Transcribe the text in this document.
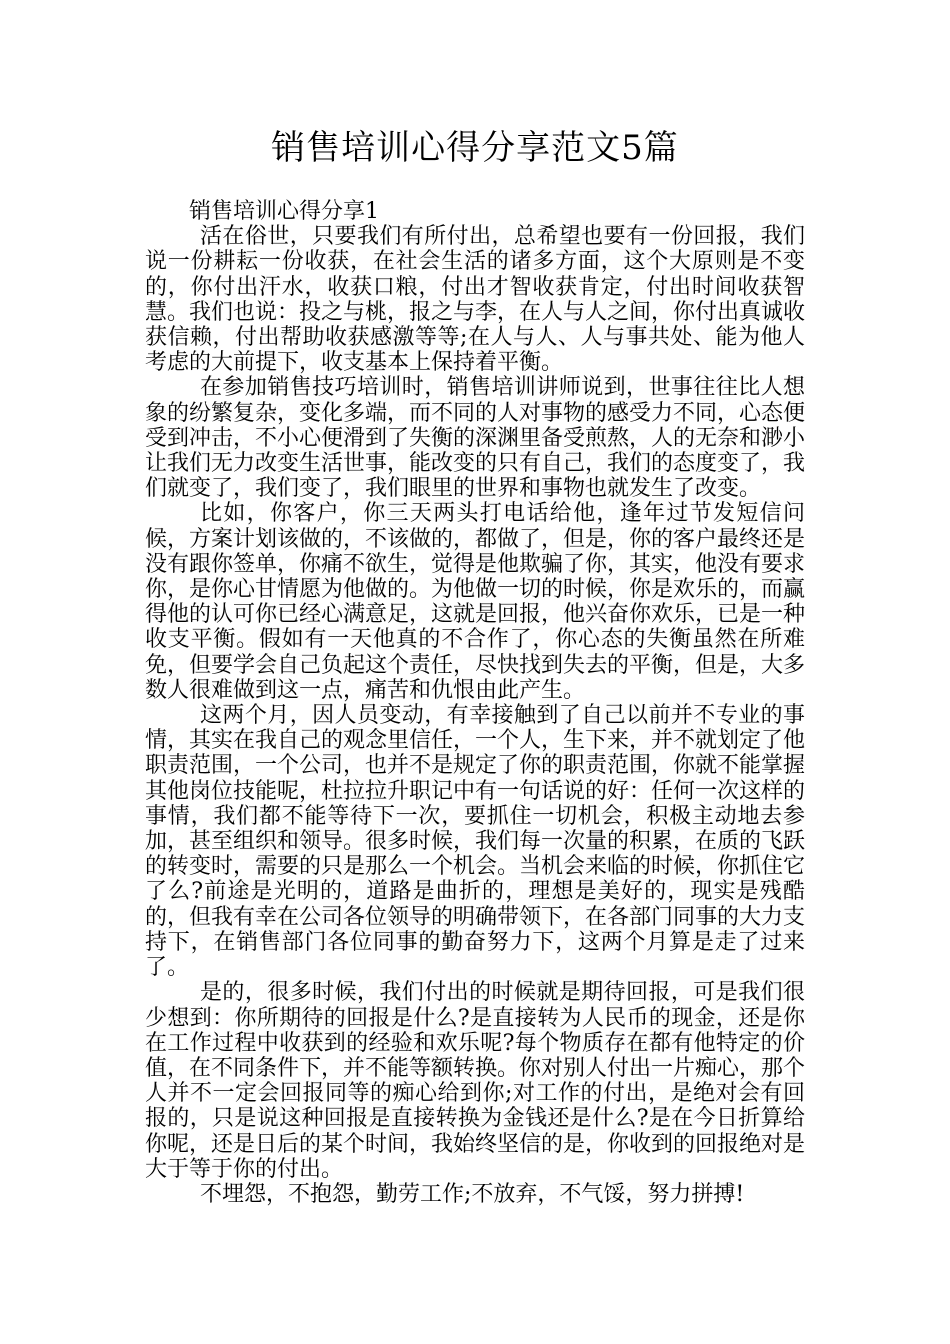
销售培训心得分享范文5篇

销售培训心得分享1

活在俗世，只要我们有所付出，总希望也要有一份回报，我们说一份耕耘一份收获，在社会生活的诸多方面，这个大原则是不变的，你付出汗水，收获口粮，付出才智收获肯定，付出时间收获智慧。我们也说：投之与桃，报之与李，在人与人之间，你付出真诚收获信赖，付出帮助收获感激等等;在人与人、人与事共处、能为他人考虑的大前提下，收支基本上保持着平衡。

在参加销售技巧培训时，销售培训讲师说到，世事往往比人想象的纷繁复杂，变化多端，而不同的人对事物的感受力不同，心态便受到冲击，不小心便滑到了失衡的深渊里备受煎熬，人的无奈和渺小让我们无力改变生活世事，能改变的只有自己，我们的态度变了，我们就变了，我们变了，我们眼里的世界和事物也就发生了改变。

比如，你客户，你三天两头打电话给他，逢年过节发短信问候，方案计划该做的，不该做的，都做了，但是，你的客户最终还是没有跟你签单，你痛不欲生，觉得是他欺骗了你，其实，他没有要求你，是你心甘情愿为他做的。为他做一切的时候，你是欢乐的，而赢得他的认可你已经心满意足，这就是回报，他兴奋你欢乐，已是一种收支平衡。假如有一天他真的不合作了，你心态的失衡虽然在所难免，但要学会自己负起这个责任，尽快找到失去的平衡，但是，大多数人很难做到这一点，痛苦和仇恨由此产生。

这两个月，因人员变动，有幸接触到了自己以前并不专业的事情，其实在我自己的观念里信任，一个人，生下来，并不就划定了他职责范围，一个公司，也并不是规定了你的职责范围，你就不能掌握其他岗位技能呢，杜拉拉升职记中有一句话说的好：任何一次这样的事情，我们都不能等待下一次，要抓住一切机会，积极主动地去参加，甚至组织和领导。很多时候，我们每一次量的积累，在质的飞跃的转变时，需要的只是那么一个机会。当机会来临的时候，你抓住它了么?前途是光明的，道路是曲折的，理想是美好的，现实是残酷的，但我有幸在公司各位领导的明确带领下，在各部门同事的大力支持下，在销售部门各位同事的勤奋努力下，这两个月算是走了过来了。

是的，很多时候，我们付出的时候就是期待回报，可是我们很少想到：你所期待的回报是什么?是直接转为人民币的现金，还是你在工作过程中收获到的经验和欢乐呢?每个物质存在都有他特定的价值，在不同条件下，并不能等额转换。你对别人付出一片痴心，那个人并不一定会回报同等的痴心给到你;对工作的付出，是绝对会有回报的，只是说这种回报是直接转换为金钱还是什么?是在今日折算给你呢，还是日后的某个时间，我始终坚信的是，你收到的回报绝对是大于等于你的付出。

不埋怨，不抱怨，勤劳工作;不放弃，不气馁，努力拼搏!
